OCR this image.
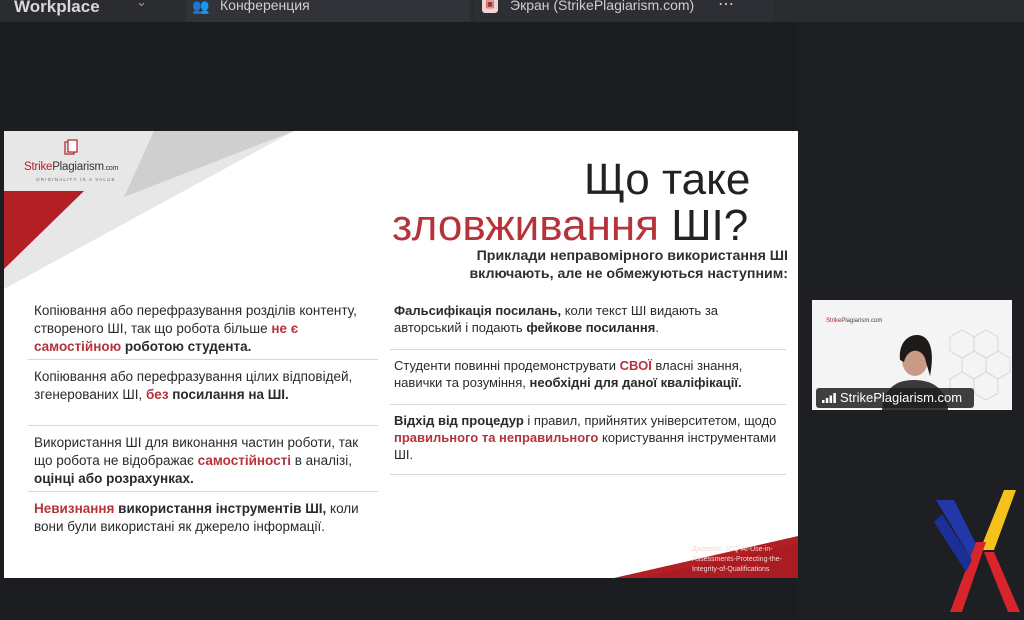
Workplace	⌄	👥 Конференция	▣ Экран (StrikePlagiarism.com) ⋯
StrikePlagiarism.com
ORIGINALITY IS A VALUE	Що таке
зловживання ШІ?
Приклади неправомірного використання ШІ включають, але не обмежуються наступним:
Копіювання або перефразування розділів контенту, створеного ШІ, так що робота більше не є самостійною роботою студента.
Копіювання або перефразування цілих відповідей, згенерованих ШІ, без посилання на ШІ.
Використання ШІ для виконання частин роботи, так що робота не відображає самостійності в аналізі, оцінці або розрахунках.
Невизнання використання інструментів ШІ, коли вони були використані як джерело інформації.
Фальсифікація посилань, коли текст ШІ видають за авторський і подають фейкове посилання.
Студенти повинні продемонструвати СВОЇ власні знання, навички та розуміння, необхідні для даної кваліфікації.
Відхід від процедур і правил, прийнятих університетом, щодо правильного та неправильного користування інструментами ШІ.
Джерело: JCQ-AI-Use-in-
Assessments-Protecting-the-
Integrity-of-Qualifications
StrikePlagiarism.com
StrikePlagiarism.com
